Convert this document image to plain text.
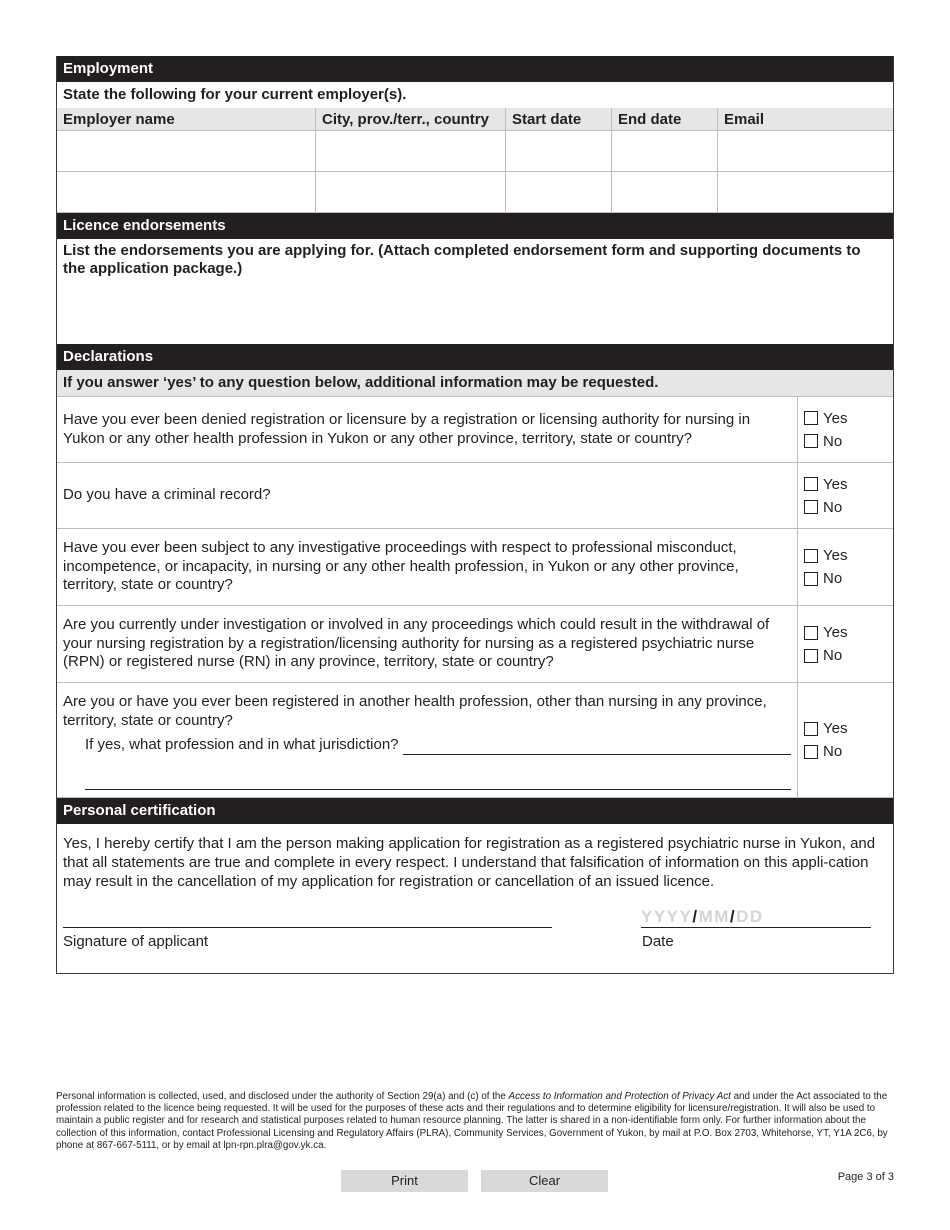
Employment
State the following for your current employer(s).
Employer name	City, prov./terr., country	Start date	End date	Email

Licence endorsements
List the endorsements you are applying for. (Attach completed endorsement form and supporting documents to the application package.)
Declarations
If you answer ‘yes’ to any question below, additional information may be requested.
Have you ever been denied registration or licensure by a registration or licensing authority for nursing in Yukon or any other health profession in Yukon or any other province, territory, state or country?
Yes
No
Do you have a criminal record?
Yes
No
Have you ever been subject to any investigative proceedings with respect to professional misconduct, incompetence, or incapacity, in nursing or any other health profession, in Yukon or any other province, territory, state or country?
Yes
No
Are you currently under investigation or involved in any proceedings which could result in the withdrawal of your nursing registration by a registration/licensing authority for nursing as a registered psychiatric nurse (RPN) or registered nurse (RN) in any province, territory, state or country?
Yes
No
Are you or have you ever been registered in another health profession, other than nursing in any province, territory, state or country?
If yes, what profession and in what jurisdiction?
Yes
No
Personal certification
Yes, I hereby certify that I am the person making application for registration as a registered psychiatric nurse in Yukon, and that all statements are true and complete in every respect. I understand that falsification of information on this appli-cation may result in the cancellation of my application for registration or cancellation of an issued licence.
Signature of applicant
YYYY/MM/DD
Date
Personal information is collected, used, and disclosed under the authority of Section 29(a) and (c) of the Access to Information and Protection of Privacy Act and under the Act associated to the profession related to the licence being requested. It will be used for the purposes of these acts and their regulations and to determine eligibility for licensure/registration. It will also be used to maintain a public register and for research and statistical purposes related to human resource planning. The latter is shared in a non-identifiable form only. For further information about the collection of this information, contact Professional Licensing and Regulatory Affairs (PLRA), Community Services, Government of Yukon, by mail at P.O. Box 2703, Whitehorse, YT, Y1A 2C6, by phone at 867-667-5111, or by email at lpn-rpn.plra@gov.yk.ca.
Print	Clear	Page 3 of 3
